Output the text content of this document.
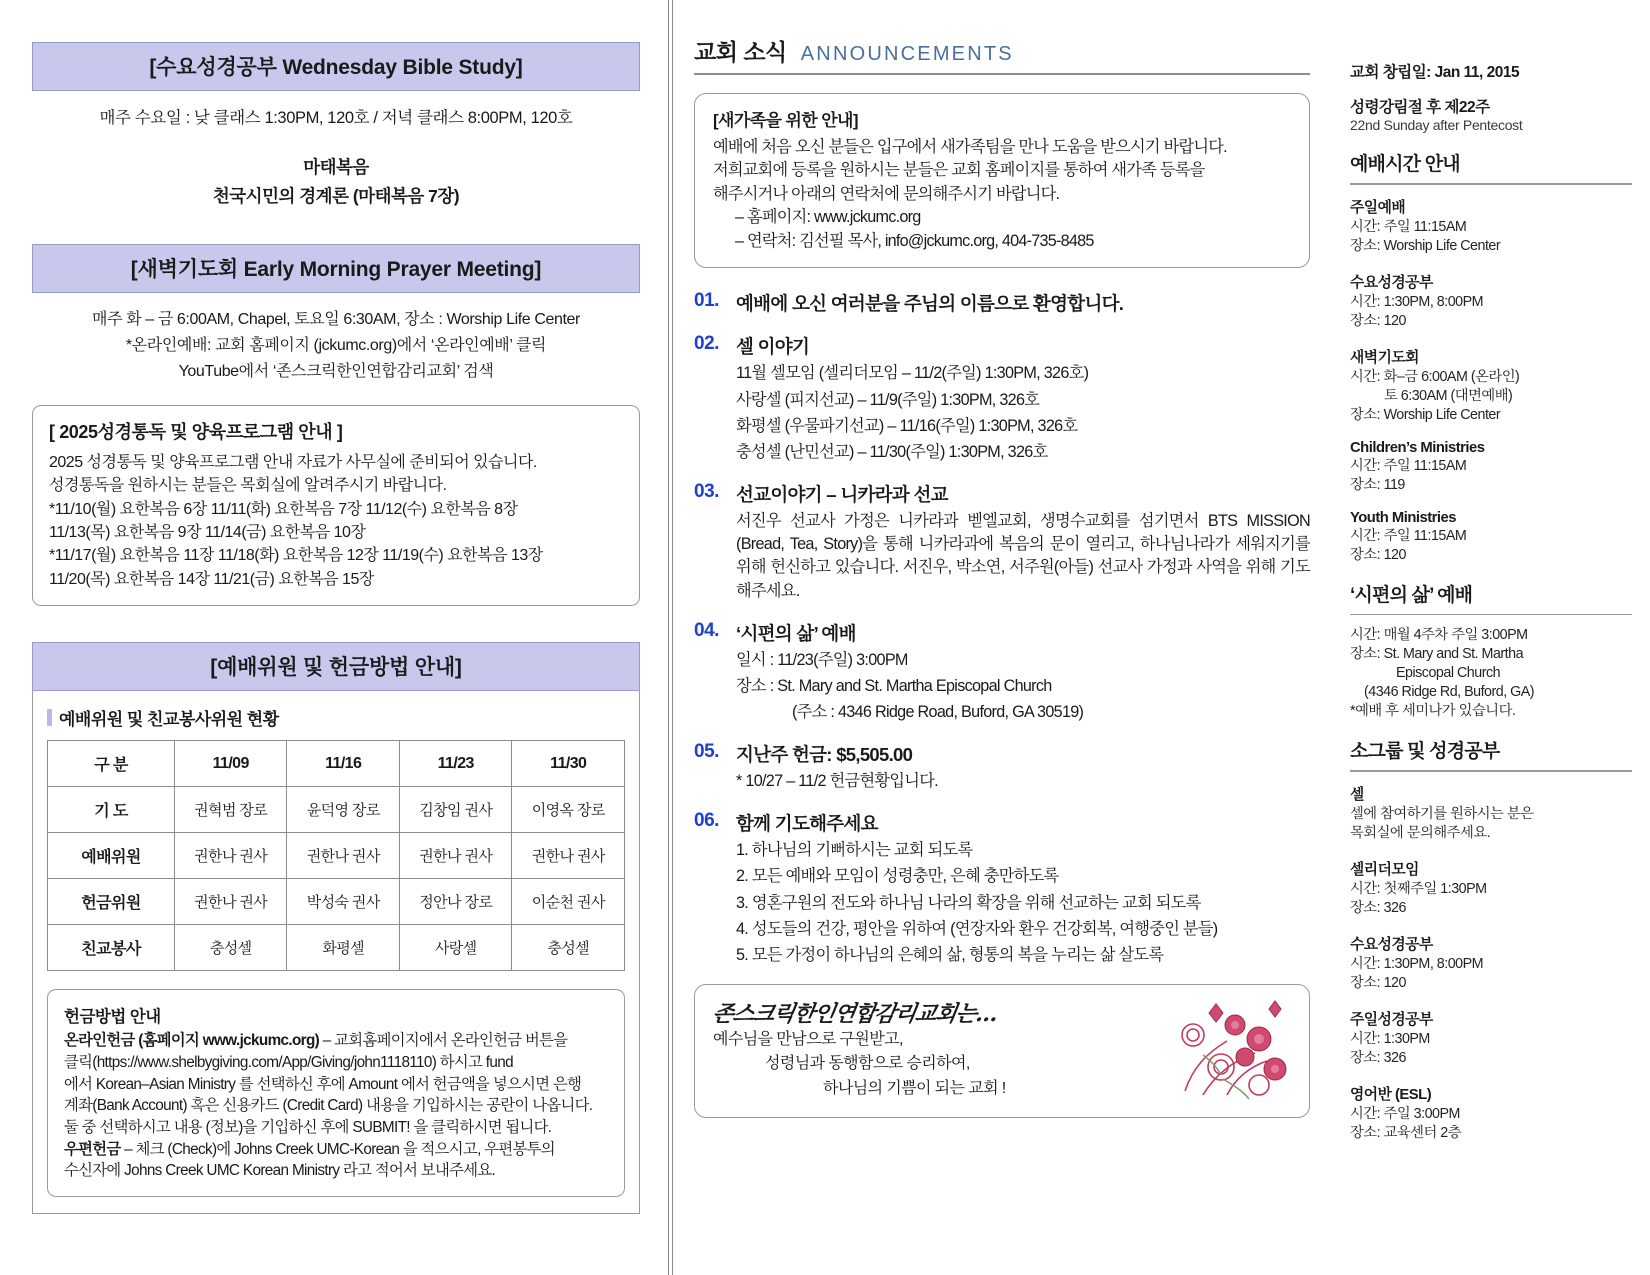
[수요성경공부 Wednesday Bible Study]
매주 수요일 : 낮 클래스 1:30PM, 120호 / 저녁 클래스 8:00PM, 120호
마태복음
천국시민의 경계론 (마태복음 7장)
[새벽기도회 Early Morning Prayer Meeting]
매주 화 – 금 6:00AM, Chapel, 토요일 6:30AM, 장소 : Worship Life Center
*온라인예배: 교회 홈페이지 (jckumc.org)에서 ‘온라인예배’ 클릭
YouTube에서 ‘존스크릭한인연합감리교회’ 검색
[ 2025성경통독 및 양육프로그램 안내 ]

2025 성경통독 및 양육프로그램 안내 자료가 사무실에 준비되어 있습니다.

성경통독을 원하시는 분들은 목회실에 알려주시기 바랍니다.

*11/10(월) 요한복음 6장 11/11(화) 요한복음 7장 11/12(수) 요한복음 8장

11/13(목) 요한복음 9장 11/14(금) 요한복음 10장

*11/17(월) 요한복음 11장 11/18(화) 요한복음 12장 11/19(수) 요한복음 13장

11/20(목) 요한복음 14장 11/21(금) 요한복음 15장

[예배위원 및 헌금방법 안내]
예배위원 및 친교봉사위원 현황
구 분	11/09	11/16	11/23	11/30
기 도	권혁범 장로	윤덕영 장로	김창임 권사	이영옥 장로
예배위원	권한나 권사	권한나 권사	권한나 권사	권한나 권사
헌금위원	권한나 권사	박성숙 권사	정안나 장로	이순천 권사
친교봉사	충성셀	화평셀	사랑셀	충성셀
헌금방법 안내

온라인헌금 (홈페이지 www.jckumc.org) – 교회홈페이지에서 온라인헌금 버튼을

클릭(https://www.shelbygiving.com/App/Giving/john1118110) 하시고 fund

에서 Korean–Asian Ministry 를 선택하신 후에 Amount 에서 헌금액을 넣으시면 은행

계좌(Bank Account) 혹은 신용카드 (Credit Card) 내용을 기입하시는 공란이 나옵니다.

둘 중 선택하시고 내용 (정보)을 기입하신 후에 SUBMIT! 을 클릭하시면 됩니다.

우편헌금 – 체크 (Check)에 Johns Creek UMC-Korean 을 적으시고, 우편봉투의

수신자에 Johns Creek UMC Korean Ministry 라고 적어서 보내주세요.

교회 소식 ANNOUNCEMENTS
[새가족을 위한 안내]

예배에 처음 오신 분들은 입구에서 새가족팀을 만나 도움을 받으시기 바랍니다.

저희교회에 등록을 원하시는 분들은 교회 홈페이지를 통하여 새가족 등록을

해주시거나 아래의 연락처에 문의해주시기 바랍니다.

– 홈페이지: www.jckumc.org

– 연락처: 김선필 목사, info@jckumc.org, 404-735-8485

01. 예배에 오신 여러분을 주님의 이름으로 환영합니다.
02. 셀 이야기

11월 셀모임 (셀리더모임 – 11/2(주일) 1:30PM, 326호)

사랑셀 (피지선교) – 11/9(주일) 1:30PM, 326호

화평셀 (우물파기선교) – 11/16(주일) 1:30PM, 326호

충성셀 (난민선교) – 11/30(주일) 1:30PM, 326호

03. 선교이야기 – 니카라과 선교

서진우 선교사 가정은 니카라과 벧엘교회, 생명수교회를 섬기면서 BTS MISSION (Bread, Tea, Story)을 통해 니카라과에 복음의 문이 열리고, 하나님나라가 세워지기를 위해 헌신하고 있습니다. 서진우, 박소연, 서주원(아들) 선교사 가정과 사역을 위해 기도해주세요.

04. ‘시편의 삶’ 예배

일시 : 11/23(주일) 3:00PM

장소 : St. Mary and St. Martha Episcopal Church

(주소 : 4346 Ridge Road, Buford, GA 30519)

05. 지난주 헌금: $5,505.00

* 10/27 – 11/2 헌금현황입니다.

06. 함께 기도해주세요

1. 하나님의 기뻐하시는 교회 되도록

2. 모든 예배와 모임이 성령충만, 은혜 충만하도록

3. 영혼구원의 전도와 하나님 나라의 확장을 위해 선교하는 교회 되도록

4. 성도들의 건강, 평안을 위하여 (연장자와 환우 건강회복, 여행중인 분들)

5. 모든 가정이 하나님의 은혜의 삶, 형통의 복을 누리는 삶 살도록

존스크릭한인연합감리교회는…

예수님을 만남으로 구원받고,

성령님과 동행함으로 승리하여,

하나님의 기쁨이 되는 교회 !

교회 창립일: Jan 11, 2015
성령강림절 후 제22주
22nd Sunday after Pentecost
예배시간 안내
주일예배
시간: 주일 11:15AM
장소: Worship Life Center
수요성경공부
시간: 1:30PM, 8:00PM
장소: 120
새벽기도회
시간: 화–금 6:00AM (온라인)
토 6:30AM (대면예배)
장소: Worship Life Center
Children’s Ministries
시간: 주일 11:15AM
장소: 119
Youth Ministries
시간: 주일 11:15AM
장소: 120
‘시편의 삶’ 예배
시간: 매월 4주차 주일 3:00PM
장소: St. Mary and St. Martha
Episcopal Church
(4346 Ridge Rd, Buford, GA)
*예배 후 세미나가 있습니다.
소그룹 및 성경공부
셀
셀에 참여하기를 원하시는 분은
목회실에 문의해주세요.
셀리더모임
시간: 첫째주일 1:30PM
장소: 326
수요성경공부
시간: 1:30PM, 8:00PM
장소: 120
주일성경공부
시간: 1:30PM
장소: 326
영어반 (ESL)
시간: 주일 3:00PM
장소: 교육센터 2층
